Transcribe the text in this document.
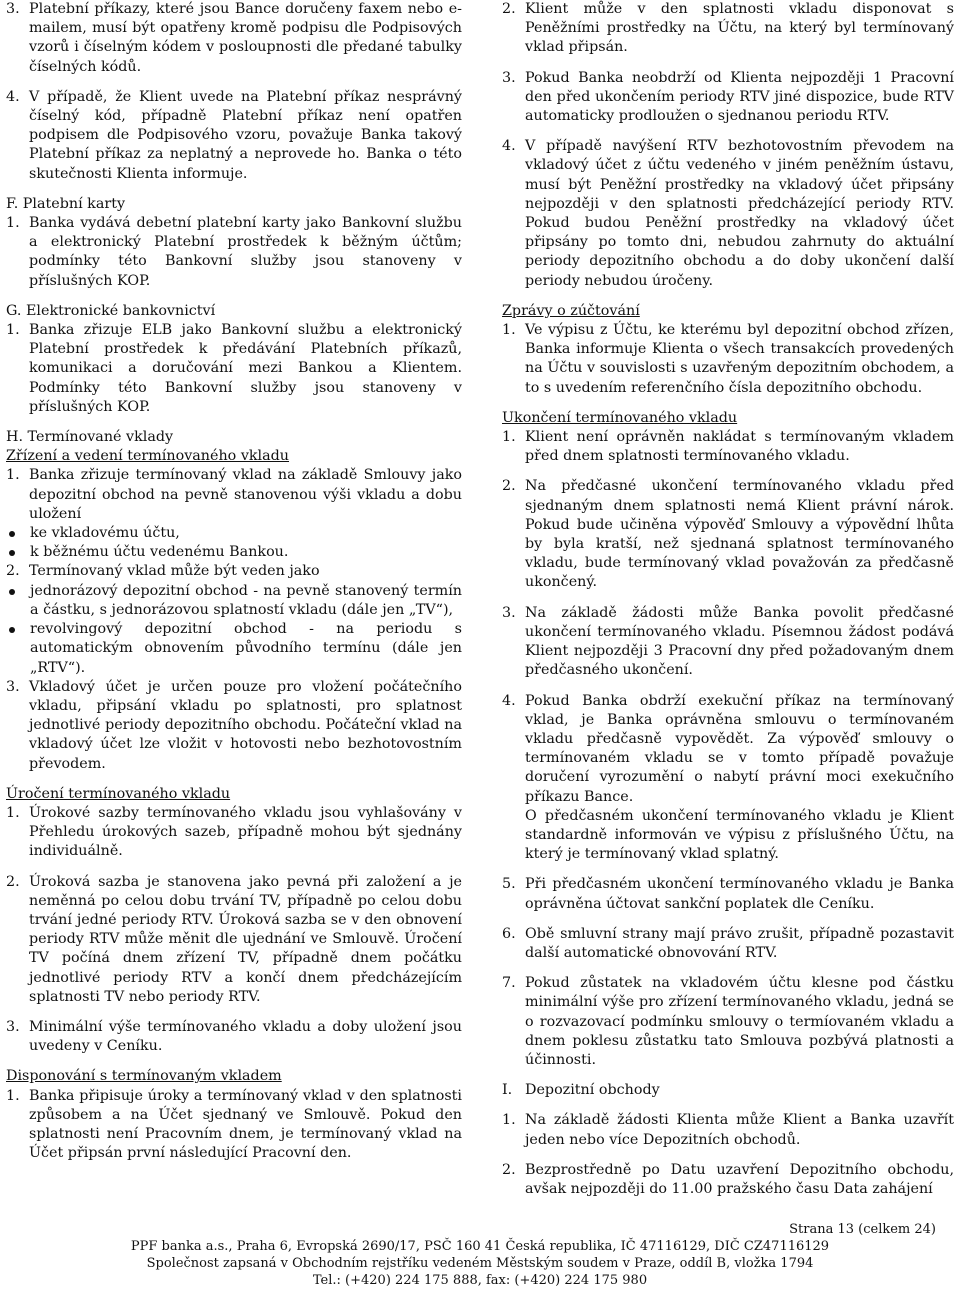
3. Platební příkazy, které jsou Bance doručeny faxem nebo e-mailem, musí být opatřeny kromě podpisu dle Podpisových vzorů i číselným kódem v posloupnosti dle předané tabulky číselných kódů.
4. V případě, že Klient uvede na Platební příkaz nesprávný číselný kód, případně Platební příkaz není opatřen podpisem dle Podpisového vzoru, považuje Banka takový Platební příkaz za neplatný a neprovede ho. Banka o této skutečnosti Klienta informuje.
F. Platební karty
1. Banka vydává debetní platební karty jako Bankovní službu a elektronický Platební prostředek k běžným účtům; podmínky této Bankovní služby jsou stanoveny v příslušných KOP.
G. Elektronické bankovnictví
1. Banka zřizuje ELB jako Bankovní službu a elektronický Platební prostředek k předávání Platebních příkazů, komunikaci a doručování mezi Bankou a Klientem. Podmínky této Bankovní služby jsou stanoveny v příslušných KOP.
H. Termínované vklady
Zřízení a vedení termínovaného vkladu
1. Banka zřizuje termínovaný vklad na základě Smlouvy jako depozitní obchod na pevně stanovenou výši vkladu a dobu uložení
ke vkladovému účtu,
k běžnému účtu vedenému Bankou.
2. Termínovaný vklad může být veden jako
jednorázový depozitní obchod - na pevně stanovený termín a částku, s jednorázovou splatností vkladu (dále jen „TV“),
revolvingový depozitní obchod - na periodu s automatickým obnovením původního termínu (dále jen „RTV“).
3. Vkladový účet je určen pouze pro vložení počátečního vkladu, připsání vkladu po splatnosti, pro splatnost jednotlivé periody depozitního obchodu. Počáteční vklad na vkladový účet lze vložit v hotovosti nebo bezhotovostním převodem.
Úročení termínovaného vkladu
1. Úrokové sazby termínovaného vkladu jsou vyhlašovány v Přehledu úrokových sazeb, případně mohou být sjednány individuálně.
2. Úroková sazba je stanovena jako pevná při založení a je neměnná po celou dobu trvání TV, případně po celou dobu trvání jedné periody RTV. Úroková sazba se v den obnovení periody RTV může měnit dle ujednání ve Smlouvě. Úročení TV počíná dnem zřízení TV, případně dnem počátku jednotlivé periody RTV a končí dnem předcházejícím splatnosti TV nebo periody RTV.
3. Minimální výše termínovaného vkladu a doby uložení jsou uvedeny v Ceníku.
Disponování s termínovaným vkladem
1. Banka připisuje úroky a termínovaný vklad v den splatnosti způsobem a na Účet sjednaný ve Smlouvě. Pokud den splatnosti není Pracovním dnem, je termínovaný vklad na Účet připsán první následující Pracovní den.
2. Klient může v den splatnosti vkladu disponovat s Peněžními prostředky na Účtu, na který byl termínovaný vklad připsán.
3. Pokud Banka neobdrží od Klienta nejpozději 1 Pracovní den před ukončením periody RTV jiné dispozice, bude RTV automaticky prodloužen o sjednanou periodu RTV.
4. V případě navýšení RTV bezhotovostním převodem na vkladový účet z účtu vedeného v jiném peněžním ústavu, musí být Peněžní prostředky na vkladový účet připsány nejpozději v den splatnosti předcházející periody RTV. Pokud budou Peněžní prostředky na vkladový účet připsány po tomto dni, nebudou zahrnuty do aktuální periody depozitního obchodu a do doby ukončení další periody nebudou úročeny.
Zprávy o zúčtování
1. Ve výpisu z Účtu, ke kterému byl depozitní obchod zřízen, Banka informuje Klienta o všech transakcích provedených na Účtu v souvislosti s uzavřeným depozitním obchodem, a to s uvedením referenčního čísla depozitního obchodu.
Ukončení termínovaného vkladu
1. Klient není oprávněn nakládat s termínovaným vkladem před dnem splatnosti termínovaného vkladu.
2. Na předčasné ukončení termínovaného vkladu před sjednaným dnem splatnosti nemá Klient právní nárok. Pokud bude učiněna výpověď Smlouvy a výpovědní lhůta by byla kratší, než sjednaná splatnost termínovaného vkladu, bude termínovaný vklad považován za předčasně ukončený.
3. Na základě žádosti může Banka povolit předčasné ukončení termínovaného vkladu. Písemnou žádost podává Klient nejpozději 3 Pracovní dny před požadovaným dnem předčasného ukončení.
4. Pokud Banka obdrží exekuční příkaz na termínovaný vklad, je Banka oprávněna smlouvu o termínovaném vkladu předčasně vypovědět. Za výpověď smlouvy o termínovaném vkladu se v tomto případě považuje doručení vyrozumění o nabytí právní moci exekučního příkazu Bance.
O předčasném ukončení termínovaného vkladu je Klient standardně informován ve výpisu z příslušného Účtu, na který je termínovaný vklad splatný.
5. Při předčasném ukončení termínovaného vkladu je Banka oprávněna účtovat sankční poplatek dle Ceníku.
6. Obě smluvní strany mají právo zrušit, případně pozastavit další automatické obnovování RTV.
7. Pokud zůstatek na vkladovém účtu klesne pod částku minimální výše pro zřízení termínovaného vkladu, jedná se o rozvazovací podmínku smlouvy o termíovaném vkladu a dnem poklesu zůstatku tato Smlouva pozbývá platnosti a účinnosti.
I. Depozitní obchody
1. Na základě žádosti Klienta může Klient a Banka uzavřít jeden nebo více Depozitních obchodů.
2. Bezprostředně po Datu uzavření Depozitního obchodu, avšak nejpozději do 11.00 pražského času Data zahájení
Strana 13 (celkem 24)
PPF banka a.s., Praha 6, Evropská 2690/17, PSČ 160 41 Česká republika, IČ 47116129, DIČ CZ47116129
Společnost zapsaná v Obchodním rejstříku vedeném Městským soudem v Praze, oddíl B, vložka 1794
Tel.: (+420) 224 175 888, fax: (+420) 224 175 980
